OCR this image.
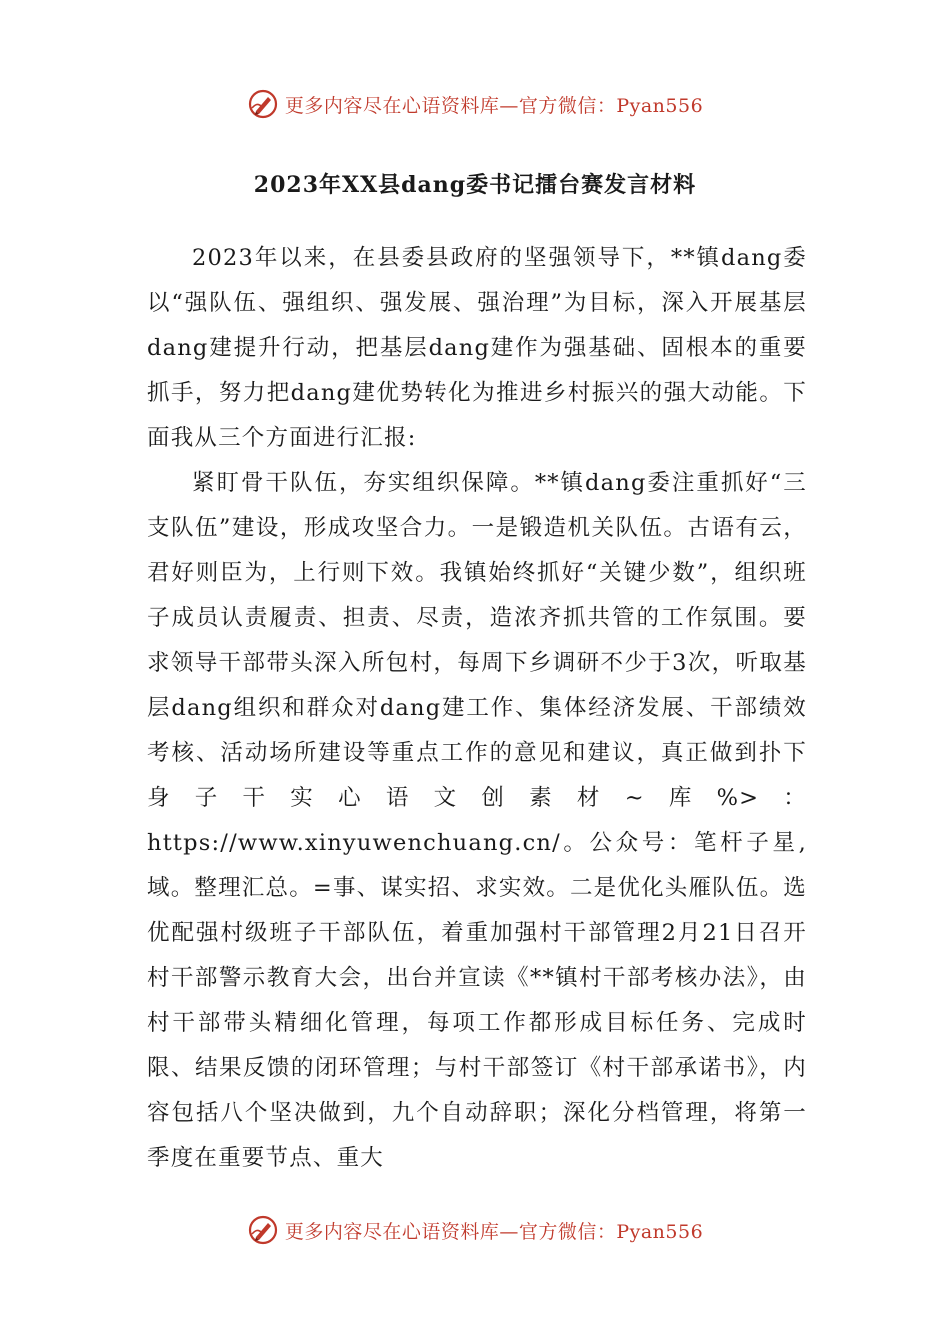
更多内容尽在心语资料库—官方微信：Pyan556
2023年XX县dang委书记擂台赛发言材料

2023年以来，在县委县政府的坚强领导下，**镇dang委以“强队伍、强组织、强发展、强治理”为目标，深入开展基层dang建提升行动，把基层dang建作为强基础、固根本的重要抓手，努力把dang建优势转化为推进乡村振兴的强大动能。下面我从三个方面进行汇报:

紧盯骨干队伍，夯实组织保障。**镇dang委注重抓好“三支队伍”建设，形成攻坚合力。一是锻造机关队伍。古语有云，君好则臣为，上行则下效。我镇始终抓好“关键少数”，组织班子成员认责履责、担责、尽责，造浓齐抓共管的工作氛围。要求领导干部带头深入所包村，每周下乡调研不少于3次，听取基层dang组织和群众对dang建工作、集体经济发展、干部绩效考核、活动场所建设等重点工作的意见和建议，真正做到扑下身子干实心语文创素材~库%>：https://www.xinyuwenchuang.cn/。公众号：笔杆子星,域。整理汇总。=事、谋实招、求实效。二是优化头雁队伍。选优配强村级班子干部队伍，着重加强村干部管理2月21日召开村干部警示教育大会，出台并宣读《**镇村干部考核办法》，由村干部带头精细化管理，每项工作都形成目标任务、完成时限、结果反馈的闭环管理；与村干部签订《村干部承诺书》，内容包括八个坚决做到，九个自动辞职；深化分档管理，将第一季度在重要节点、重大

更多内容尽在心语资料库—官方微信：Pyan556
